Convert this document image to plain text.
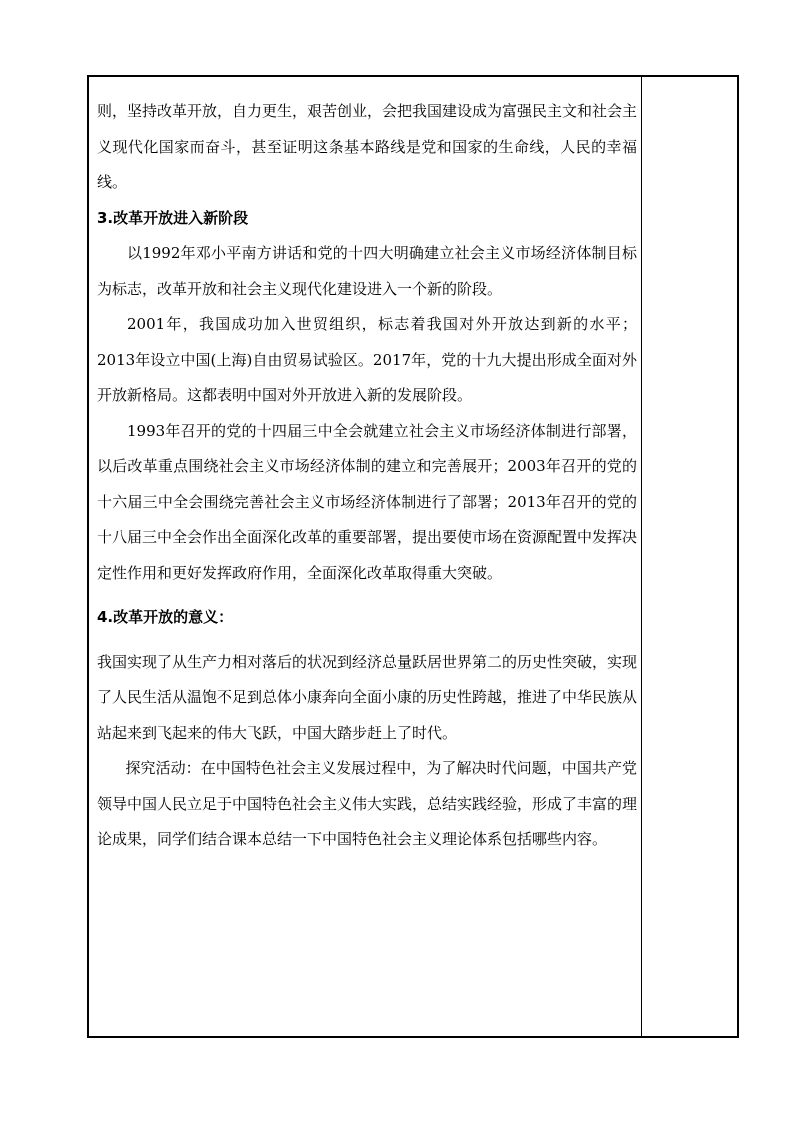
则，坚持改革开放，自力更生，艰苦创业，会把我国建设成为富强民主文和社会主义现代化国家而奋斗，甚至证明这条基本路线是党和国家的生命线，人民的幸福线。

3.改革开放进入新阶段

以1992年邓小平南方讲话和党的十四大明确建立社会主义市场经济体制目标为标志，改革开放和社会主义现代化建设进入一个新的阶段。

2001年，我国成功加入世贸组织，标志着我国对外开放达到新的水平；2013年设立中国(上海)自由贸易试验区。2017年，党的十九大提出形成全面对外开放新格局。这都表明中国对外开放进入新的发展阶段。

1993年召开的党的十四届三中全会就建立社会主义市场经济体制进行部署，以后改革重点围绕社会主义市场经济体制的建立和完善展开；2003年召开的党的十六届三中全会围绕完善社会主义市场经济体制进行了部署；2013年召开的党的十八届三中全会作出全面深化改革的重要部署，提出要使市场在资源配置中发挥决定性作用和更好发挥政府作用，全面深化改革取得重大突破。

4.改革开放的意义：

我国实现了从生产力相对落后的状况到经济总量跃居世界第二的历史性突破，实现了人民生活从温饱不足到总体小康奔向全面小康的历史性跨越，推进了中华民族从站起来到飞起来的伟大飞跃，中国大踏步赶上了时代。

探究活动：在中国特色社会主义发展过程中，为了解决时代问题，中国共产党领导中国人民立足于中国特色社会主义伟大实践，总结实践经验，形成了丰富的理论成果，同学们结合课本总结一下中国特色社会主义理论体系包括哪些内容。
